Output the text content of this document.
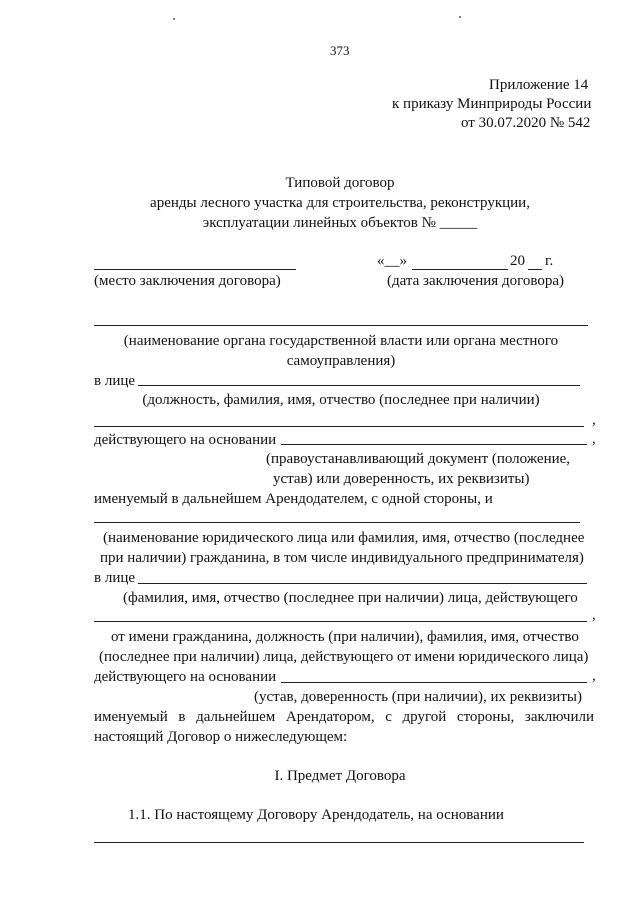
373
Приложение 14
к приказу Минприроды России
от 30.07.2020 № 542
Типовой договор
аренды лесного участка для строительства, реконструкции,
эксплуатации линейных объектов № _____
«__»	20 г.
(место заключения договора)	(дата заключения договора)
(наименование органа государственной власти или органа местного
самоуправления)
в лице
(должность, фамилия, имя, отчество (последнее при наличии)
,
действующего на основании	,
(правоустанавливающий документ (положение,
устав) или доверенность, их реквизиты)
именуемый в дальнейшем Арендодателем, с одной стороны, и
(наименование юридического лица или фамилия, имя, отчество (последнее
при наличии) гражданина, в том числе индивидуального предпринимателя)
в лице
(фамилия, имя, отчество (последнее при наличии) лица, действующего
,
от имени гражданина, должность (при наличии), фамилия, имя, отчество
(последнее при наличии) лица, действующего от имени юридического лица)
действующего на основании	,
(устав, доверенность (при наличии), их реквизиты)
именуемый в дальнейшем Арендатором, с другой стороны, заключили
настоящий Договор о нижеследующем:
I. Предмет Договора
1.1. По настоящему Договору Арендодатель, на основании
